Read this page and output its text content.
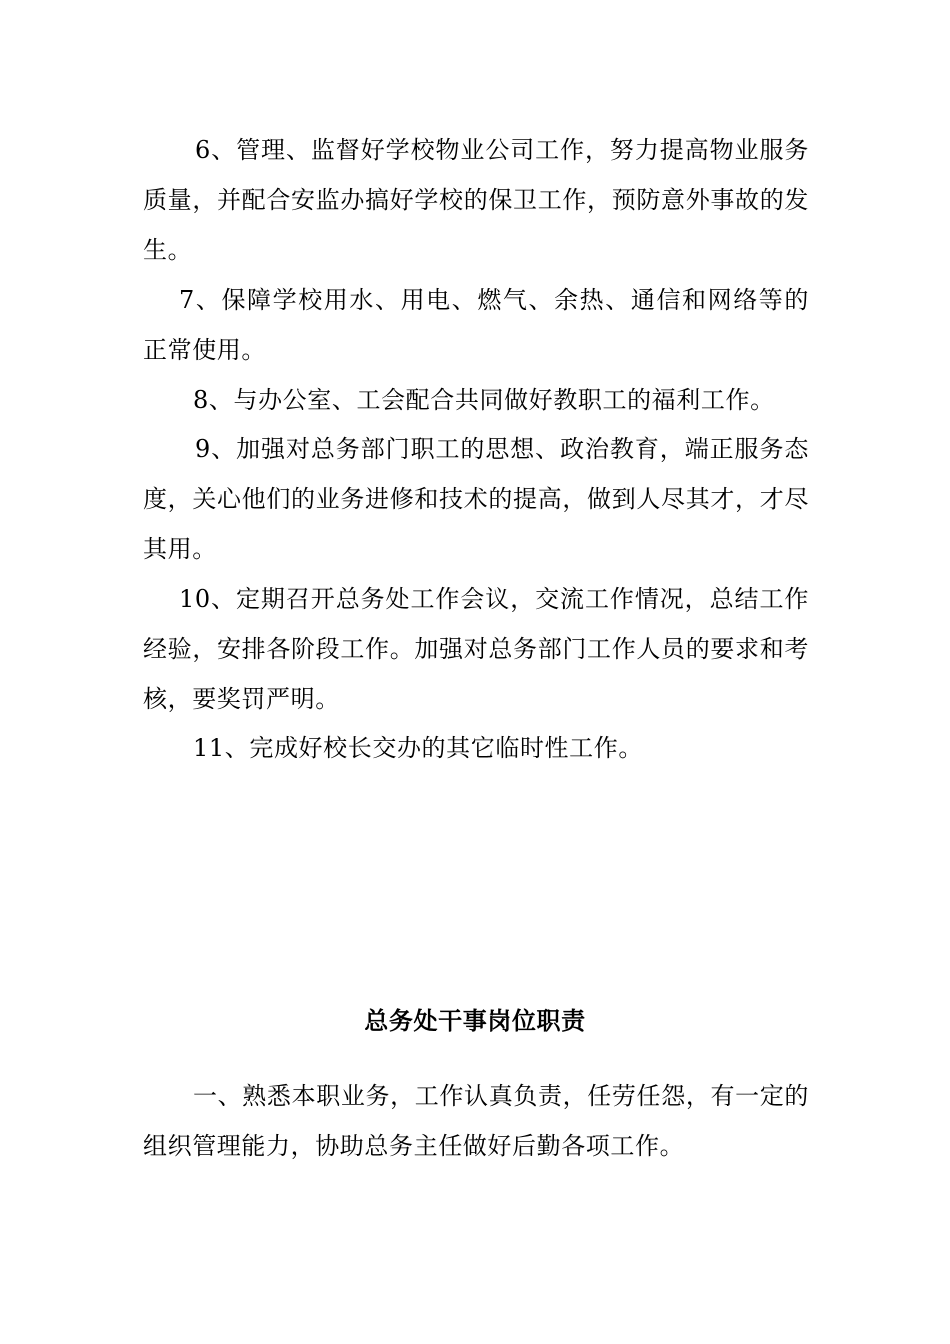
6、管理、监督好学校物业公司工作，努力提高物业服务质量，并配合安监办搞好学校的保卫工作，预防意外事故的发生。

7、保障学校用水、用电、燃气、余热、通信和网络等的正常使用。

8、与办公室、工会配合共同做好教职工的福利工作。

9、加强对总务部门职工的思想、政治教育，端正服务态度，关心他们的业务进修和技术的提高，做到人尽其才，才尽其用。

10、定期召开总务处工作会议，交流工作情况，总结工作经验，安排各阶段工作。加强对总务部门工作人员的要求和考核，要奖罚严明。

11、完成好校长交办的其它临时性工作。

总务处干事岗位职责

一、熟悉本职业务，工作认真负责，任劳任怨，有一定的组织管理能力，协助总务主任做好后勤各项工作。
